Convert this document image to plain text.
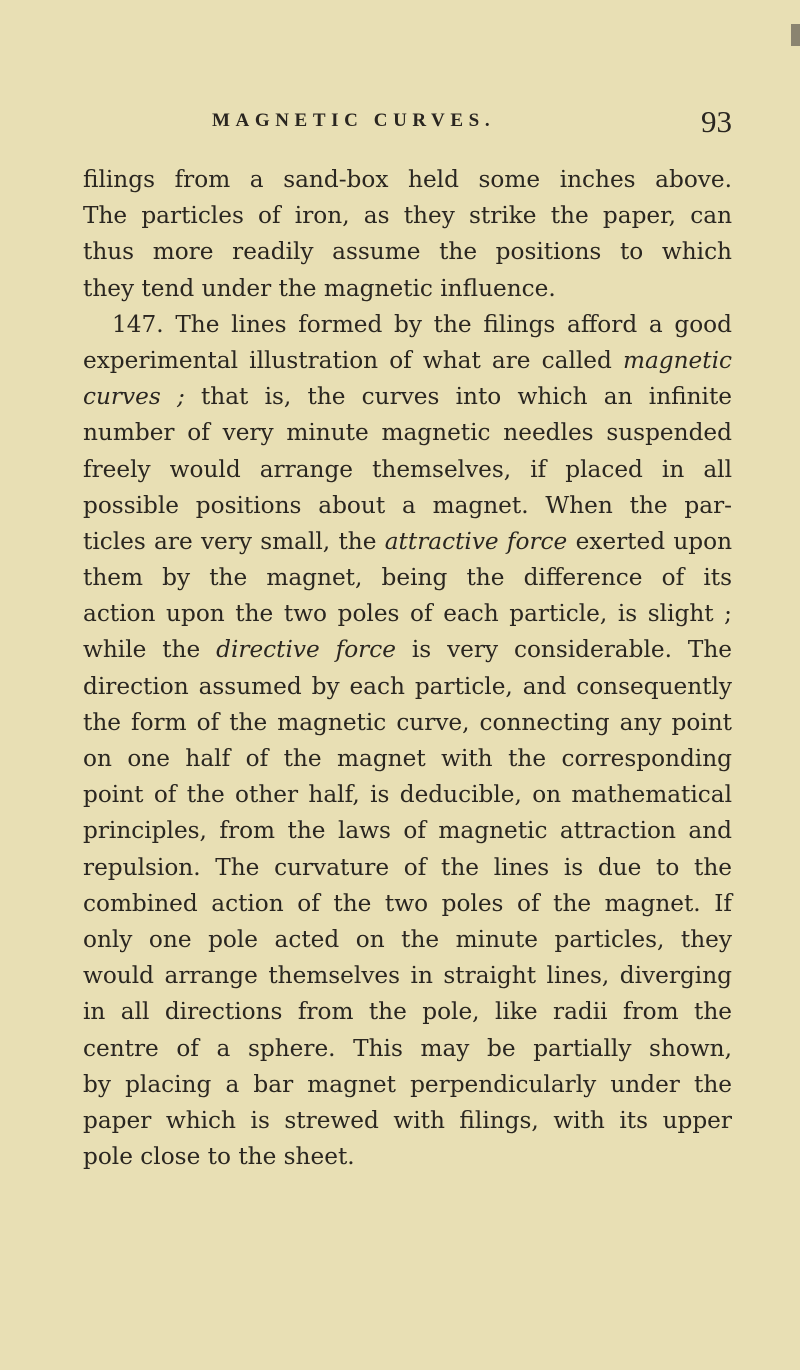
MAGNETIC CURVES.	93
filings from a sand-box held some inches above.
The particles of iron, as they strike the paper, can
thus more readily assume the positions to which
they tend under the magnetic influence.
147. The lines formed by the filings afford a good
experimental illustration of what are called magnetic
curves ; that is, the curves into which an infinite
number of very minute magnetic needles suspended
freely would arrange themselves, if placed in all
possible positions about a magnet. When the par-
ticles are very small, the attractive force exerted upon
them by the magnet, being the difference of its
action upon the two poles of each particle, is slight ;
while the directive force is very considerable. The
direction assumed by each particle, and consequently
the form of the magnetic curve, connecting any point
on one half of the magnet with the corresponding
point of the other half, is deducible, on mathematical
principles, from the laws of magnetic attraction and
repulsion. The curvature of the lines is due to the
combined action of the two poles of the magnet. If
only one pole acted on the minute particles, they
would arrange themselves in straight lines, diverging
in all directions from the pole, like radii from the
centre of a sphere. This may be partially shown,
by placing a bar magnet perpendicularly under the
paper which is strewed with filings, with its upper
pole close to the sheet.
